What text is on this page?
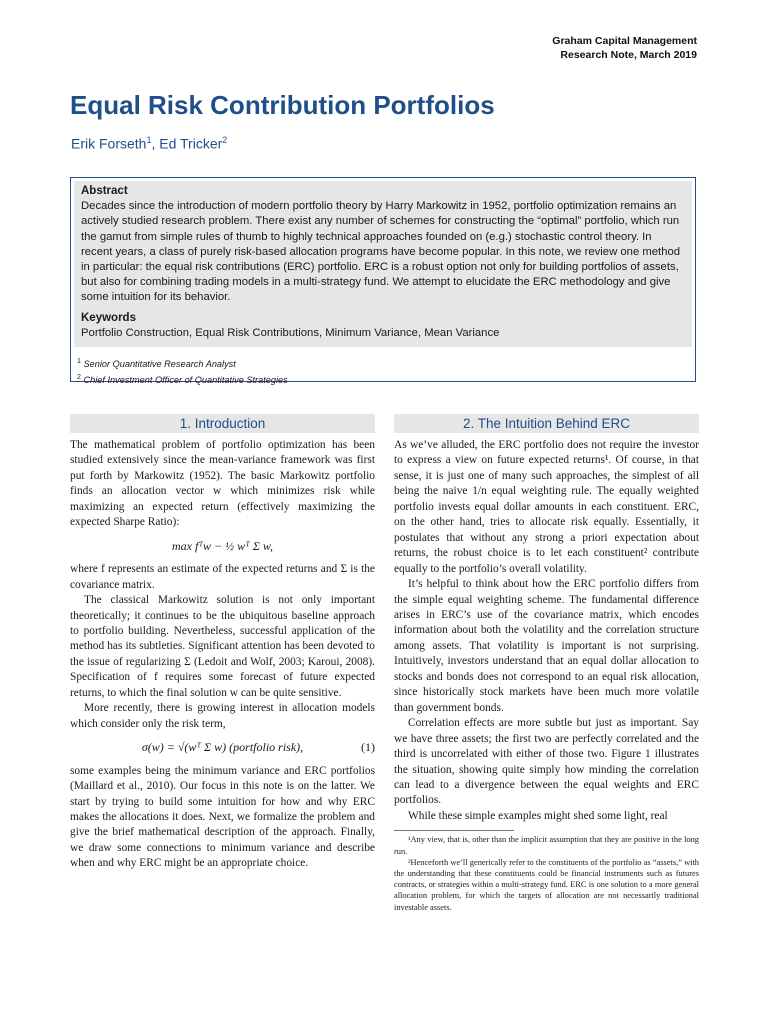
Graham Capital Management
Research Note, March 2019
Equal Risk Contribution Portfolios
Erik Forseth$^1$, Ed Tricker$^2$
Abstract
Decades since the introduction of modern portfolio theory by Harry Markowitz in 1952, portfolio optimization remains an actively studied research problem. There exist any number of schemes for constructing the “optimal” portfolio, which run the gamut from simple rules of thumb to highly technical approaches founded on (e.g.) stochastic control theory. In recent years, a class of purely risk-based allocation programs have become popular. In this note, we review one method in particular: the equal risk contributions (ERC) portfolio. ERC is a robust option not only for building portfolios of assets, but also for combining trading models in a multi-strategy fund. We attempt to elucidate the ERC methodology and give some intuition for its behavior.
Keywords
Portfolio Construction, Equal Risk Contributions, Minimum Variance, Mean Variance
$^1$ Senior Quantitative Research Analyst
$^2$ Chief Investment Officer of Quantitative Strategies
1. Introduction

The mathematical problem of portfolio optimization has been studied extensively since the mean-variance framework was first put forth by Markowitz (1952). The basic Markowitz portfolio finds an allocation vector w which minimizes risk while maximizing an expected return (effectively maximizing the expected Sharpe Ratio):

max fᵀw − ½ wᵀ Σ w,

where f represents an estimate of the expected returns and Σ is the covariance matrix.

The classical Markowitz solution is not only important theoretically; it continues to be the ubiquitous baseline approach to portfolio building. Nevertheless, successful application of the method has its subtleties. Significant attention has been devoted to the issue of regularizing Σ (Ledoit and Wolf, 2003; Karoui, 2008). Specification of f requires some forecast of future expected returns, to which the final solution w can be quite sensitive.

More recently, there is growing interest in allocation models which consider only the risk term,

σ(w) = √(wᵀ Σ w) (portfolio risk),	(1)

some examples being the minimum variance and ERC portfolios (Maillard et al., 2010). Our focus in this note is on the latter. We start by trying to build some intuition for how and why ERC makes the allocations it does. Next, we formalize the problem and give the brief mathematical description of the approach. Finally, we draw some connections to minimum variance and describe when and why ERC might be an appropriate choice.

2. The Intuition Behind ERC

As we’ve alluded, the ERC portfolio does not require the investor to express a view on future expected returns¹. Of course, in that sense, it is just one of many such approaches, the simplest of all being the naive 1/n equal weighting rule. The equally weighted portfolio invests equal dollar amounts in each constituent. ERC, on the other hand, tries to allocate risk equally. Essentially, it postulates that without any strong a priori expectation about returns, the robust choice is to let each constituent² contribute equally to the portfolio’s overall volatility.

It’s helpful to think about how the ERC portfolio differs from the simple equal weighting scheme. The fundamental difference arises in ERC’s use of the covariance matrix, which encodes information about both the volatility and the correlation structure among assets. That volatility is important is not surprising. Intuitively, investors understand that an equal dollar allocation to stocks and bonds does not correspond to an equal risk allocation, since historically stock markets have been much more volatile than government bonds.

Correlation effects are more subtle but just as important. Say we have three assets; the first two are perfectly correlated and the third is uncorrelated with either of those two. Figure 1 illustrates the situation, showing quite simply how minding the correlation can lead to a divergence between the equal weights and ERC portfolios.

While these simple examples might shed some light, real

¹Any view, that is, other than the implicit assumption that they are positive in the long run.

²Henceforth we’ll generically refer to the constituents of the portfolio as “assets,” with the understanding that these constituents could be financial instruments such as futures contracts, or strategies within a multi-strategy fund. ERC is one solution to a more general allocation problem, for which the targets of allocation are not necessarily traditional investable assets.
